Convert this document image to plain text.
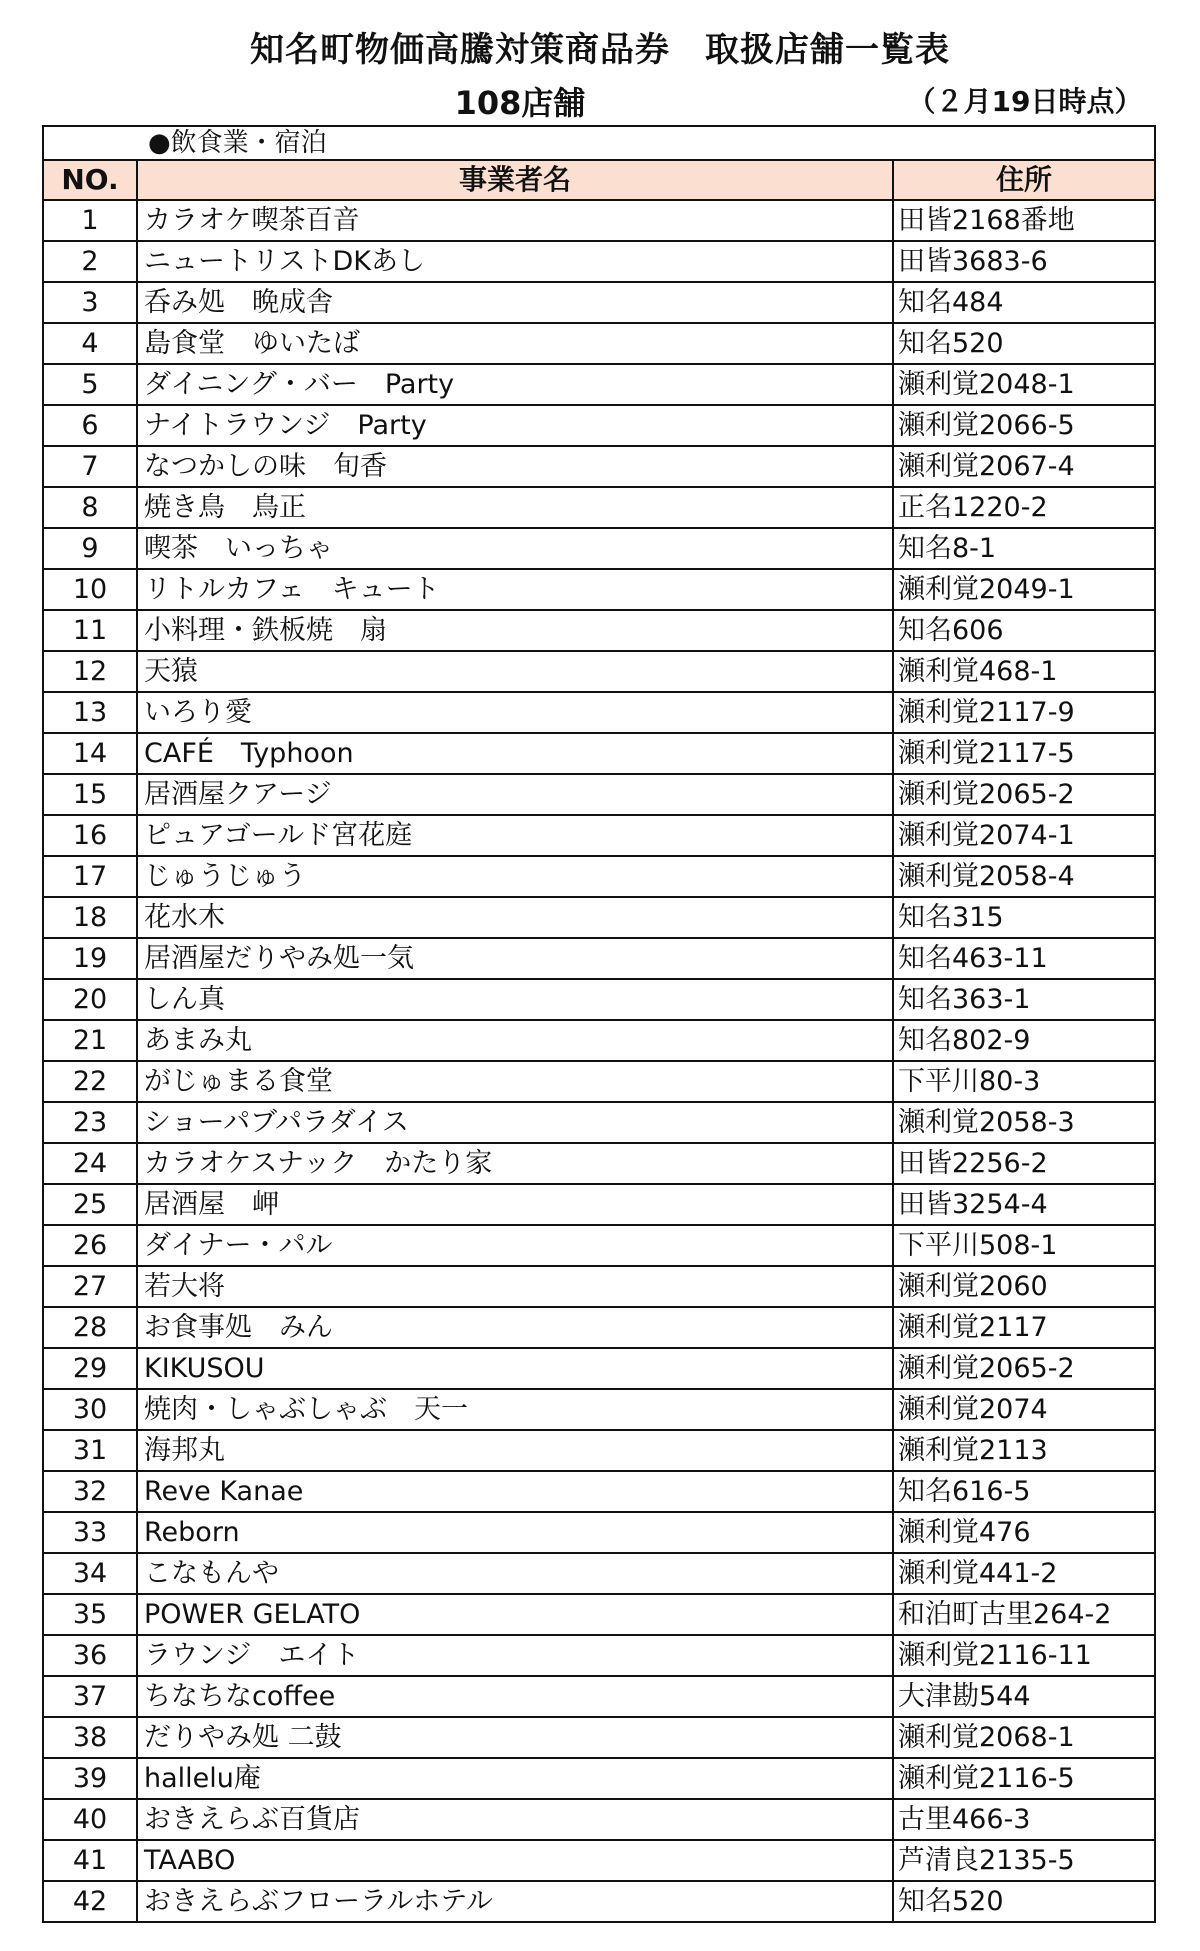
知名町物価高騰対策商品券　取扱店舗一覧表
108店舗	（２月19日時点）
●飲食業・宿泊		
NO.	事業者名	住所
1	カラオケ喫茶百音	田皆2168番地
2	ニュートリストDKあし	田皆3683-6
3	呑み処　晩成舎	知名484
4	島食堂　ゆいたば	知名520
5	ダイニング・バー　Party	瀬利覚2048-1
6	ナイトラウンジ　Party	瀬利覚2066-5
7	なつかしの味　旬香	瀬利覚2067-4
8	焼き鳥　鳥正	正名1220-2
9	喫茶　いっちゃ	知名8-1
10	リトルカフェ　キュート	瀬利覚2049-1
11	小料理・鉄板焼　扇	知名606
12	天猿	瀬利覚468-1
13	いろり愛	瀬利覚2117-9
14	CAFÉ　Typhoon	瀬利覚2117-5
15	居酒屋クアージ	瀬利覚2065-2
16	ピュアゴールド宮花庭	瀬利覚2074-1
17	じゅうじゅう	瀬利覚2058-4
18	花水木	知名315
19	居酒屋だりやみ処一気	知名463-11
20	しん真	知名363-1
21	あまみ丸	知名802-9
22	がじゅまる食堂	下平川80-3
23	ショーパブパラダイス	瀬利覚2058-3
24	カラオケスナック　かたり家	田皆2256-2
25	居酒屋　岬	田皆3254-4
26	ダイナー・パル	下平川508-1
27	若大将	瀬利覚2060
28	お食事処　みん	瀬利覚2117
29	KIKUSOU	瀬利覚2065-2
30	焼肉・しゃぶしゃぶ　天一	瀬利覚2074
31	海邦丸	瀬利覚2113
32	Reve Kanae	知名616-5
33	Reborn	瀬利覚476
34	こなもんや	瀬利覚441-2
35	POWER GELATO	和泊町古里264-2
36	ラウンジ　エイト	瀬利覚2116-11
37	ちなちなcoffee	大津勘544
38	だりやみ処 二鼓	瀬利覚2068-1
39	hallelu庵	瀬利覚2116-5
40	おきえらぶ百貨店	古里466-3
41	TAABO	芦清良2135-5
42	おきえらぶフローラルホテル	知名520
